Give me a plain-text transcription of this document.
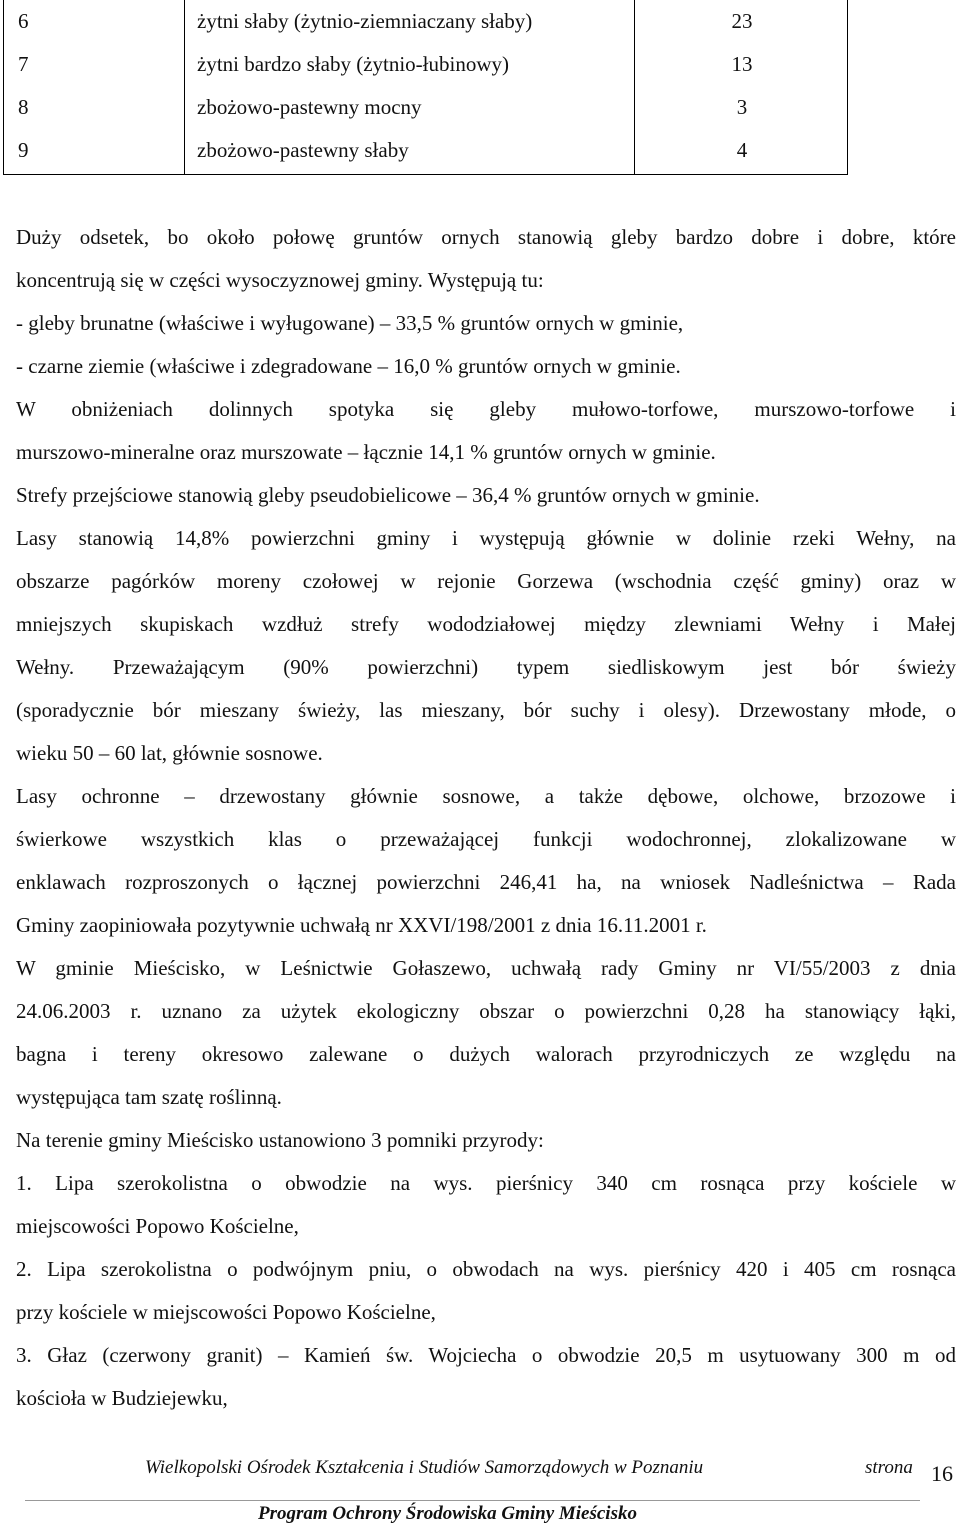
6	żytni słaby (żytnio-ziemniaczany słaby)	23
7	żytni bardzo słaby (żytnio-łubinowy)	13
8	zbożowo-pastewny mocny	3
9	zbożowo-pastewny słaby	4
Duży odsetek, bo około połowę gruntów ornych stanowią gleby bardzo dobre i dobre, które
koncentrują się w części wysoczyznowej gminy. Występują tu:
- gleby brunatne (właściwe i wyługowane) – 33,5 % gruntów ornych w gminie,
- czarne ziemie (właściwe i zdegradowane – 16,0 % gruntów ornych w gminie.
W obniżeniach dolinnych spotyka się gleby mułowo-torfowe, murszowo-torfowe i
murszowo-mineralne oraz murszowate – łącznie 14,1 % gruntów ornych w gminie.
Strefy przejściowe stanowią gleby pseudobielicowe – 36,4 % gruntów ornych w gminie.
Lasy stanowią 14,8% powierzchni gminy i występują głównie w dolinie rzeki Wełny, na
obszarze pagórków moreny czołowej w rejonie Gorzewa (wschodnia część gminy) oraz w
mniejszych skupiskach wzdłuż strefy wododziałowej między zlewniami Wełny i Małej
Wełny. Przeważającym (90% powierzchni) typem siedliskowym jest bór świeży
(sporadycznie bór mieszany świeży, las mieszany, bór suchy i olesy). Drzewostany młode, o
wieku 50 – 60 lat, głównie sosnowe.
Lasy ochronne – drzewostany głównie sosnowe, a także dębowe, olchowe, brzozowe i
świerkowe wszystkich klas o przeważającej funkcji wodochronnej, zlokalizowane w
enklawach rozproszonych o łącznej powierzchni 246,41 ha, na wniosek Nadleśnictwa – Rada
Gminy zaopiniowała pozytywnie uchwałą nr XXVI/198/2001 z dnia 16.11.2001 r.
W gminie Mieścisko, w Leśnictwie Gołaszewo, uchwałą rady Gminy nr VI/55/2003 z dnia
24.06.2003 r. uznano za użytek ekologiczny obszar o powierzchni 0,28 ha stanowiący łąki,
bagna i tereny okresowo zalewane o dużych walorach przyrodniczych ze względu na
występująca tam szatę roślinną.
Na terenie gminy Mieścisko ustanowiono 3 pomniki przyrody:
1. Lipa szerokolistna o obwodzie na wys. pierśnicy 340 cm rosnąca przy kościele w
miejscowości Popowo Kościelne,
2. Lipa szerokolistna o podwójnym pniu, o obwodach na wys. pierśnicy 420 i 405 cm rosnąca
przy kościele w miejscowości Popowo Kościelne,
3. Głaz (czerwony granit) – Kamień św. Wojciecha o obwodzie 20,5 m usytuowany 300 m od
kościoła w Budziejewku,
Wielkopolski Ośrodek Kształcenia i Studiów Samorządowych w Poznaniu	strona 16
Program Ochrony Środowiska Gminy Mieścisko
